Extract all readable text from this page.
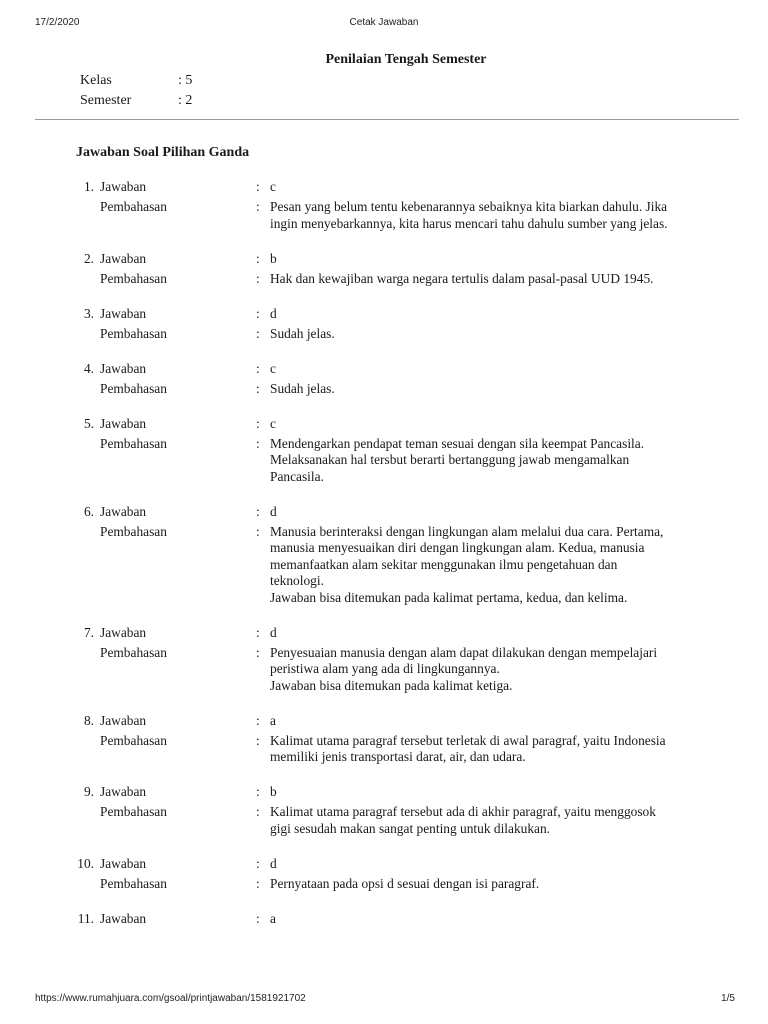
17/2/2020	Cetak Jawaban
Penilaian Tengah Semester
Kelas	: 5
Semester	: 2
Jawaban Soal Pilihan Ganda
1. Jawaban	: c
Pembahasan	: Pesan yang belum tentu kebenarannya sebaiknya kita biarkan dahulu. Jika
ingin menyebarkannya, kita harus mencari tahu dahulu sumber yang jelas.
2. Jawaban	: b
Pembahasan	: Hak dan kewajiban warga negara tertulis dalam pasal-pasal UUD 1945.
3. Jawaban	: d
Pembahasan	: Sudah jelas.
4. Jawaban	: c
Pembahasan	: Sudah jelas.
5. Jawaban	: c
Pembahasan	: Mendengarkan pendapat teman sesuai dengan sila keempat Pancasila.
Melaksanakan hal tersbut berarti bertanggung jawab mengamalkan
Pancasila.
6. Jawaban	: d
Pembahasan	: Manusia berinteraksi dengan lingkungan alam melalui dua cara. Pertama,
manusia menyesuaikan diri dengan lingkungan alam. Kedua, manusia
memanfaatkan alam sekitar menggunakan ilmu pengetahuan dan
teknologi.
Jawaban bisa ditemukan pada kalimat pertama, kedua, dan kelima.
7. Jawaban	: d
Pembahasan	: Penyesuaian manusia dengan alam dapat dilakukan dengan mempelajari
peristiwa alam yang ada di lingkungannya.
Jawaban bisa ditemukan pada kalimat ketiga.
8. Jawaban	: a
Pembahasan	: Kalimat utama paragraf tersebut terletak di awal paragraf, yaitu Indonesia
memiliki jenis transportasi darat, air, dan udara.
9. Jawaban	: b
Pembahasan	: Kalimat utama paragraf tersebut ada di akhir paragraf, yaitu menggosok
gigi sesudah makan sangat penting untuk dilakukan.
10. Jawaban	: d
Pembahasan	: Pernyataan pada opsi d sesuai dengan isi paragraf.
11. Jawaban	: a
https://www.rumahjuara.com/gsoal/printjawaban/1581921702	1/5
